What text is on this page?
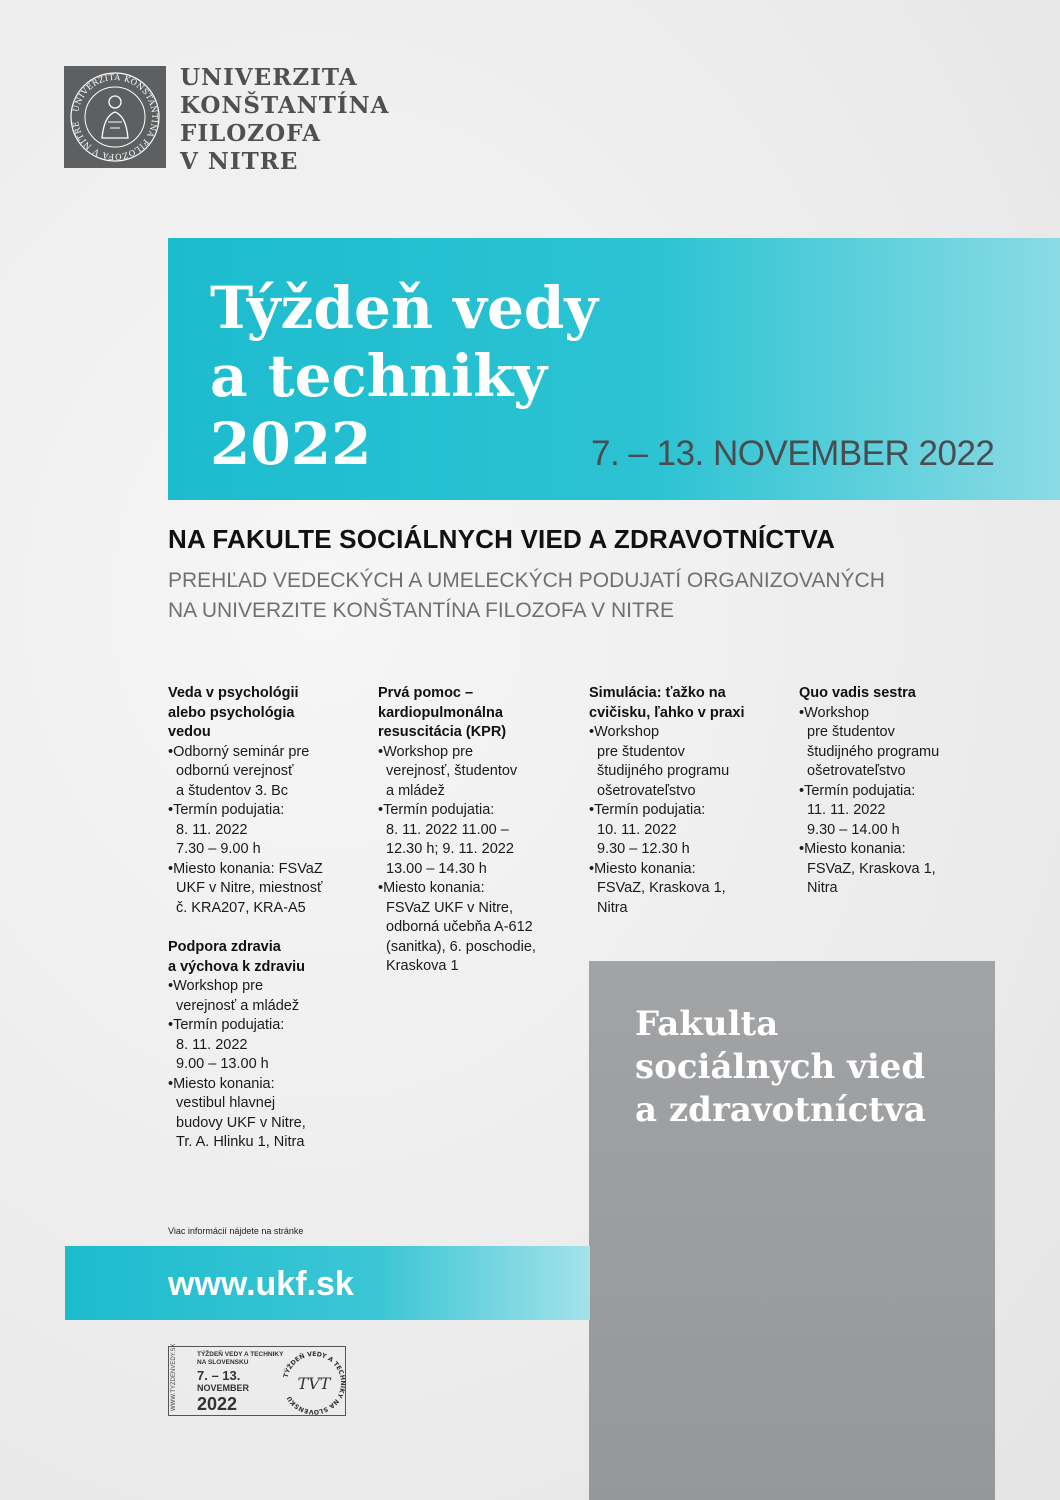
UNIVERZITA KONŠTANTÍNA FILOZOFA V NITRE
UNIVERZITA
KONŠTANTÍNA
FILOZOFA
V NITRE
Týždeň vedy
a techniky
2022	7. – 13. NOVEMBER 2022
NA FAKULTE SOCIÁLNYCH VIED A ZDRAVOTNÍCTVA
PREHĽAD VEDECKÝCH A UMELECKÝCH PODUJATÍ ORGANIZOVANÝCH
NA UNIVERZITE KONŠTANTÍNA FILOZOFA V NITRE
Veda v psychológii
alebo psychológia
vedou
•Odborný seminár pre
odbornú verejnosť
a študentov 3. Bc
•Termín podujatia:
8. 11. 2022
7.30 – 9.00 h
•Miesto konania: FSVaZ
UKF v Nitre, miestnosť
č. KRA207, KRA-A5
Podpora zdravia
a výchova k zdraviu
•Workshop pre
verejnosť a mládež
•Termín podujatia:
8. 11. 2022
9.00 – 13.00 h
•Miesto konania:
vestibul hlavnej
budovy UKF v Nitre,
Tr. A. Hlinku 1, Nitra
Prvá pomoc –
kardiopulmonálna
resuscitácia (KPR)
•Workshop pre
verejnosť, študentov
a mládež
•Termín podujatia:
8. 11. 2022 11.00 –
12.30 h; 9. 11. 2022
13.00 – 14.30 h
•Miesto konania:
FSVaZ UKF v Nitre,
odborná učebňa A-612
(sanitka), 6. poschodie,
Kraskova 1
Simulácia: ťažko na
cvičisku, ľahko v praxi
•Workshop
pre študentov
študijného programu
ošetrovateľstvo
•Termín podujatia:
10. 11. 2022
9.30 – 12.30 h
•Miesto konania:
FSVaZ, Kraskova 1,
Nitra
Quo vadis sestra
•Workshop
pre študentov
študijného programu
ošetrovateľstvo
•Termín podujatia:
11. 11. 2022
9.30 – 14.00 h
•Miesto konania:
FSVaZ, Kraskova 1,
Nitra
Fakulta
sociálnych vied
a zdravotníctva
Viac informácií nájdete na stránke
www.ukf.sk
WWW.TYZDENVEDY.SK	TÝŽDEŇ VEDY A TECHNIKY
NA SLOVENSKU
7. – 13.
NOVEMBER
2022
TÝŽDEŇ VEDY A TECHNIKY NA SLOVENSKU
TVT
